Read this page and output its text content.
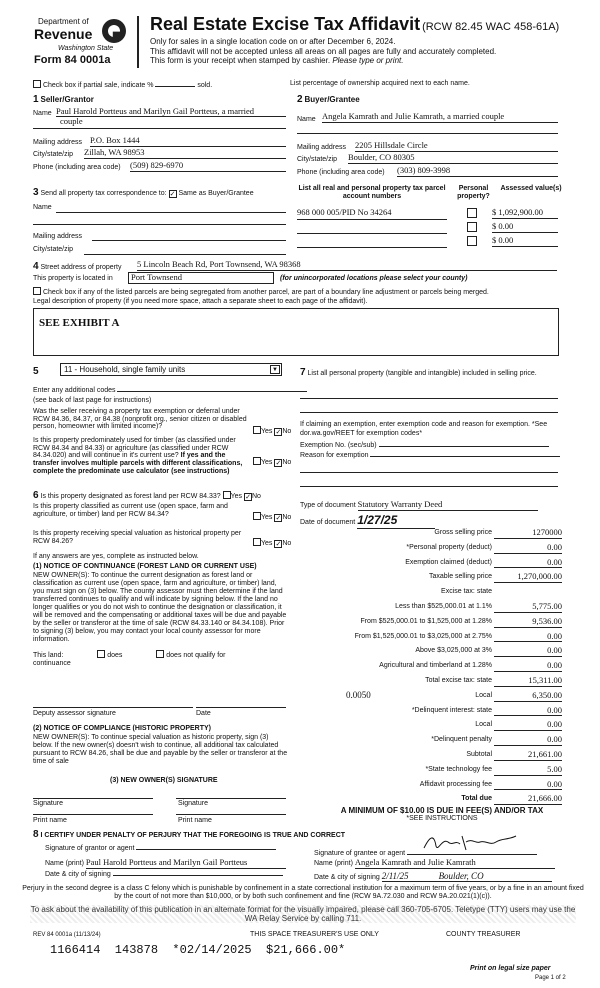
Department of
Revenue
Washington State
Form 84 0001a
Real Estate Excise Tax Affidavit (RCW 82.45 WAC 458-61A)
Only for sales in a single location code on or after December 6, 2024.
This affidavit will not be accepted unless all areas on all pages are fully and accurately completed.
This form is your receipt when stamped by cashier. Please type or print.
Check box if partial sale, indicate %	sold.	List percentage of ownership acquired next to each name.
1 Seller/Grantor
Name Paul Harold Portteus and Marilyn Gail Portteus, a married
couple
Mailing address P.O. Box 1444
City/state/zip Zillah, WA 98953
Phone (including area code) (509) 829-6970
2 Buyer/Grantee
Name Angela Kamrath and Julie Kamrath, a married couple
Mailing address 2205 Hillsdale Circle
City/state/zip Boulder, CO 80305
Phone (including area code) (303) 809-3998
3 Send all property tax correspondence to: ✓ Same as Buyer/Grantee
Name
Mailing address
City/state/zip
List all real and personal property tax parcel account numbers
Personal property?
Assessed value(s)
968 000 005/PID No 34264	$ 1,092,900.00
$ 0.00
$ 0.00
4 Street address of property 5 Lincoln Beach Rd, Port Townsend, WA 98368
This property is located in	Port Townsend	(for unincorporated locations please select your county)
Check box if any of the listed parcels are being segregated from another parcel, are part of a boundary line adjustment or parcels being merged.
Legal description of property (if you need more space, attach a separate sheet to each page of the affidavit).
SEE EXHIBIT A
5	11 - Household, single family units	▼
Enter any additional codes
(see back of last page for instructions)
Was the seller receiving a property tax exemption or deferral under RCW 84.36, 84.37, or 84.38 (nonprofit org., senior citizen or disabled person, homeowner with limited income)?
Yes ✓No
Is this property predominately used for timber (as classified under RCW 84.34 and 84.33) or agriculture (as classified under RCW 84.34.020) and will continue in it's current use? If yes and the transfer involves multiple parcels with different classifications, complete the predominate use calculator (see instructions)
Yes ✓No
7 List all personal property (tangible and intangible) included in selling price.
If claiming an exemption, enter exemption code and reason for exemption. *See dor.wa.gov/REET for exemption codes*
Exemption No. (sec/sub)
Reason for exemption
6 Is this property designated as forest land per RCW 84.33? Yes ✓No
Is this property classified as current use (open space, farm and agriculture, or timber) land per RCW 84.34?	Yes ✓No
Is this property receiving special valuation as historical property per RCW 84.26?	Yes ✓No
If any answers are yes, complete as instructed below.
(1) NOTICE OF CONTINUANCE (FOREST LAND OR CURRENT USE)
NEW OWNER(S): To continue the current designation as forest land or classification as current use (open space, farm and agriculture, or timber) land, you must sign on (3) below. The county assessor must then determine if the land transferred continues to qualify and will indicate by signing below. If the land no longer qualifies or you do not wish to continue the designation or classification, it will be removed and the compensating or additional taxes will be due and payable by the seller or transferor at the time of sale (RCW 84.33.140 or 84.34.108). Prior to signing (3) below, you may contact your local county assessor for more information.
This land:	does	does not qualify for
continuance
Deputy assessor signature	Date
(2) NOTICE OF COMPLIANCE (HISTORIC PROPERTY)
NEW OWNER(S): To continue special valuation as historic property, sign (3) below. If the new owner(s) doesn't wish to continue, all additional tax calculated pursuant to RCW 84.26, shall be due and payable by the seller or transferor at the time of sale
(3) NEW OWNER(S) SIGNATURE
Signature	Signature
Print name	Print name
Type of document Statutory Warranty Deed
Date of document 1/27/25
Gross selling price	1270000
*Personal property (deduct)	0.00
Exemption claimed (deduct)	0.00
Taxable selling price	1,270,000.00
Excise tax: state
Less than $525,000.01 at 1.1%	5,775.00
From $525,000.01 to $1,525,000 at 1.28%	9,536.00
From $1,525,000.01 to $3,025,000 at 2.75%	0.00
Above $3,025,000 at 3%	0.00
Agricultural and timberland at 1.28%	0.00
Total excise tax: state	15,311.00
Local	6,350.00
*Delinquent interest: state	0.00
Local	0.00
*Delinquent penalty	0.00
Subtotal	21,661.00
*State technology fee	5.00
Affidavit processing fee	0.00
Total due	21,666.00
0.0050
A MINIMUM OF $10.00 IS DUE IN FEE(S) AND/OR TAX
*SEE INSTRUCTIONS
8 I CERTIFY UNDER PENALTY OF PERJURY THAT THE FOREGOING IS TRUE AND CORRECT
Signature of grantor or agent
Signature of grantee or agent
Name (print) Paul Harold Portteus and Marilyn Gail Portteus	Name (print) Angela Kamrath and Julie Kamrath
Date & city of signing	Date & city of signing 2/11/25	Boulder, CO
Perjury in the second degree is a class C felony which is punishable by confinement in a state correctional institution for a maximum term of five years, or by a fine in an amount fixed by the court of not more than $10,000, or by both such confinement and fine (RCW 9A.72.030 and RCW 9A.20.021(1)(c)).
To ask about the availability of this publication in an alternate format for the visually impaired, please call 360-705-6705. Teletype (TTY) users may use the WA Relay Service by calling 711.
REV 84 0001a (11/13/24)	THIS SPACE TREASURER'S USE ONLY	COUNTY TREASURER
1166414  143878  *02/14/2025  $21,666.00*
Print on legal size paper
Page 1 of 2
